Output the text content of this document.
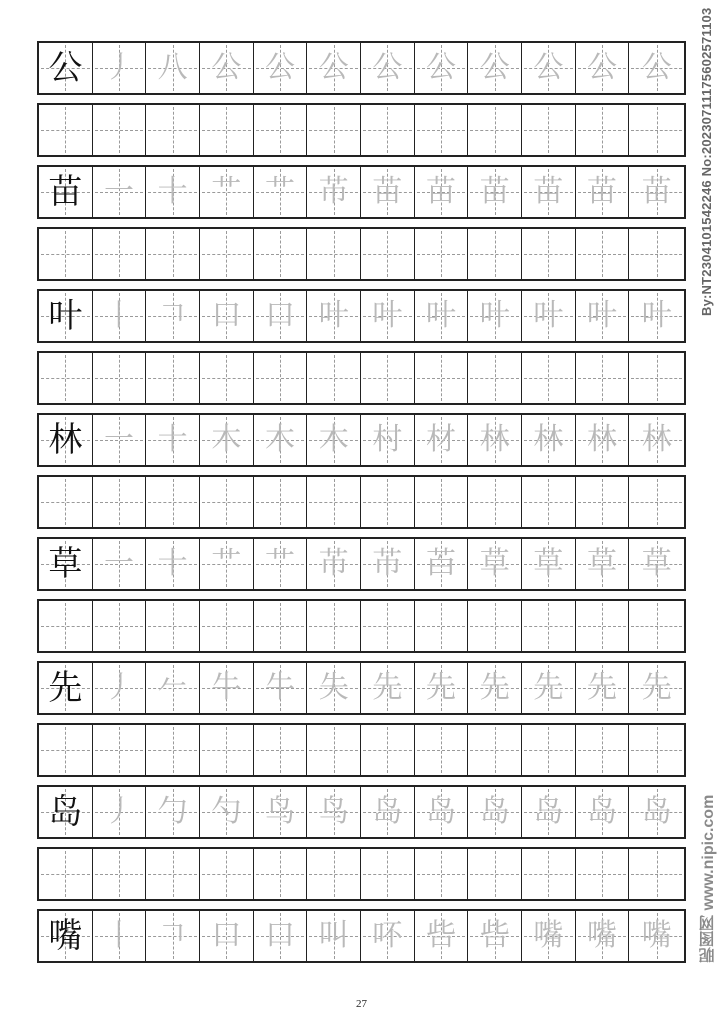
公 丿 八 公 公 公 公 公 公 公 公 公
苗 一 十 艹 艹 芇 苗 苗 苗 苗 苗 苗
叶 丨 𠃍 口 口 叶 叶 叶 叶 叶 叶 叶
林 一 十 木 木 木 村 材 林 林 林 林
草 一 十 艹 艹 芇 芇 苩 草 草 草 草
先 丿 𠂉 牛 牛 失 先 先 先 先 先 先
岛 丿 勹 勺 鸟 鸟 岛 岛 岛 岛 岛 岛
嘴 丨 𠃍 口 口 叫 吥 呰 呰 嘴 嘴 嘴
27
By:NT2304101542246 No:20230711175602571103
昵图网 www.nipic.com
